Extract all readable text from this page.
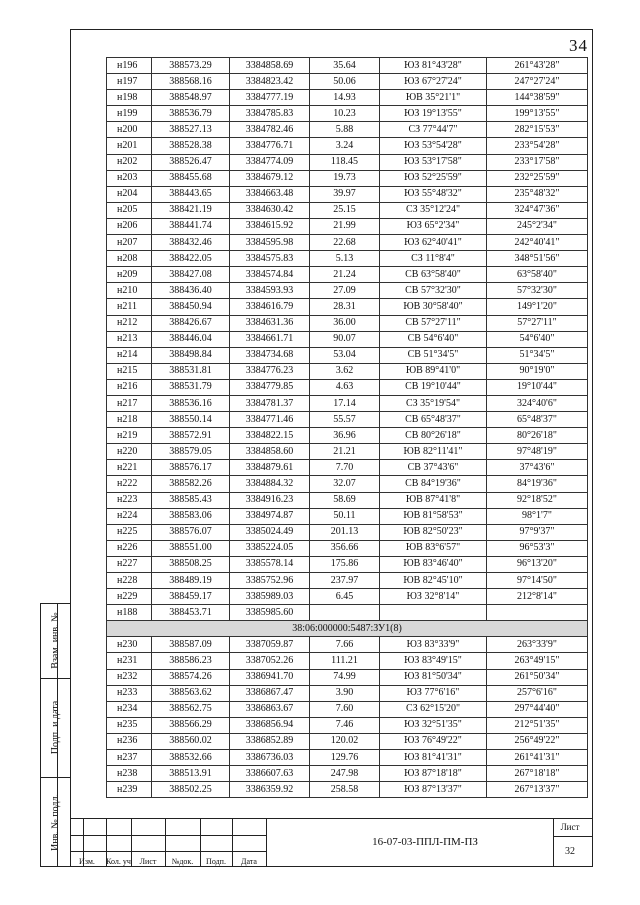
34
н196	388573.29	3384858.69	35.64	ЮЗ 81°43'28"	261°43'28"
н197	388568.16	3384823.42	50.06	ЮЗ 67°27'24"	247°27'24"
н198	388548.97	3384777.19	14.93	ЮВ 35°21'1"	144°38'59"
н199	388536.79	3384785.83	10.23	ЮЗ 19°13'55"	199°13'55"
н200	388527.13	3384782.46	5.88	СЗ 77°44'7"	282°15'53"
н201	388528.38	3384776.71	3.24	ЮЗ 53°54'28"	233°54'28"
н202	388526.47	3384774.09	118.45	ЮЗ 53°17'58"	233°17'58"
н203	388455.68	3384679.12	19.73	ЮЗ 52°25'59"	232°25'59"
н204	388443.65	3384663.48	39.97	ЮЗ 55°48'32"	235°48'32"
н205	388421.19	3384630.42	25.15	СЗ 35°12'24"	324°47'36"
н206	388441.74	3384615.92	21.99	ЮЗ 65°2'34"	245°2'34"
н207	388432.46	3384595.98	22.68	ЮЗ 62°40'41"	242°40'41"
н208	388422.05	3384575.83	5.13	СЗ 11°8'4"	348°51'56"
н209	388427.08	3384574.84	21.24	СВ 63°58'40"	63°58'40"
н210	388436.40	3384593.93	27.09	СВ 57°32'30"	57°32'30"
н211	388450.94	3384616.79	28.31	ЮВ 30°58'40"	149°1'20"
н212	388426.67	3384631.36	36.00	СВ 57°27'11"	57°27'11"
н213	388446.04	3384661.71	90.07	СВ 54°6'40"	54°6'40"
н214	388498.84	3384734.68	53.04	СВ 51°34'5"	51°34'5"
н215	388531.81	3384776.23	3.62	ЮВ 89°41'0"	90°19'0"
н216	388531.79	3384779.85	4.63	СВ 19°10'44"	19°10'44"
н217	388536.16	3384781.37	17.14	СЗ 35°19'54"	324°40'6"
н218	388550.14	3384771.46	55.57	СВ 65°48'37"	65°48'37"
н219	388572.91	3384822.15	36.96	СВ 80°26'18"	80°26'18"
н220	388579.05	3384858.60	21.21	ЮВ 82°11'41"	97°48'19"
н221	388576.17	3384879.61	7.70	СВ 37°43'6"	37°43'6"
н222	388582.26	3384884.32	32.07	СВ 84°19'36"	84°19'36"
н223	388585.43	3384916.23	58.69	ЮВ 87°41'8"	92°18'52"
н224	388583.06	3384974.87	50.11	ЮВ 81°58'53"	98°1'7"
н225	388576.07	3385024.49	201.13	ЮВ 82°50'23"	97°9'37"
н226	388551.00	3385224.05	356.66	ЮВ 83°6'57"	96°53'3"
н227	388508.25	3385578.14	175.86	ЮВ 83°46'40"	96°13'20"
н228	388489.19	3385752.96	237.97	ЮВ 82°45'10"	97°14'50"
н229	388459.17	3385989.03	6.45	ЮЗ 32°8'14"	212°8'14"
н188	388453.71	3385985.60			
38:06:000000:5487:ЗУ1(8)					
н230	388587.09	3387059.87	7.66	ЮЗ 83°33'9"	263°33'9"
н231	388586.23	3387052.26	111.21	ЮЗ 83°49'15"	263°49'15"
н232	388574.26	3386941.70	74.99	ЮЗ 81°50'34"	261°50'34"
н233	388563.62	3386867.47	3.90	ЮЗ 77°6'16"	257°6'16"
н234	388562.75	3386863.67	7.60	СЗ 62°15'20"	297°44'40"
н235	388566.29	3386856.94	7.46	ЮЗ 32°51'35"	212°51'35"
н236	388560.02	3386852.89	120.02	ЮЗ 76°49'22"	256°49'22"
н237	388532.66	3386736.03	129.76	ЮЗ 81°41'31"	261°41'31"
н238	388513.91	3386607.63	247.98	ЮЗ 87°18'18"	267°18'18"
н239	388502.25	3386359.92	258.58	ЮЗ 87°13'37"	267°13'37"
Взам. инв. №
Подп. и дата
Инв. № подл.
Изм.	Кол. уч	Лист	№док.	Подп.	Дата
16-07-03-ППЛ-ПМ-ПЗ
Лист
32
